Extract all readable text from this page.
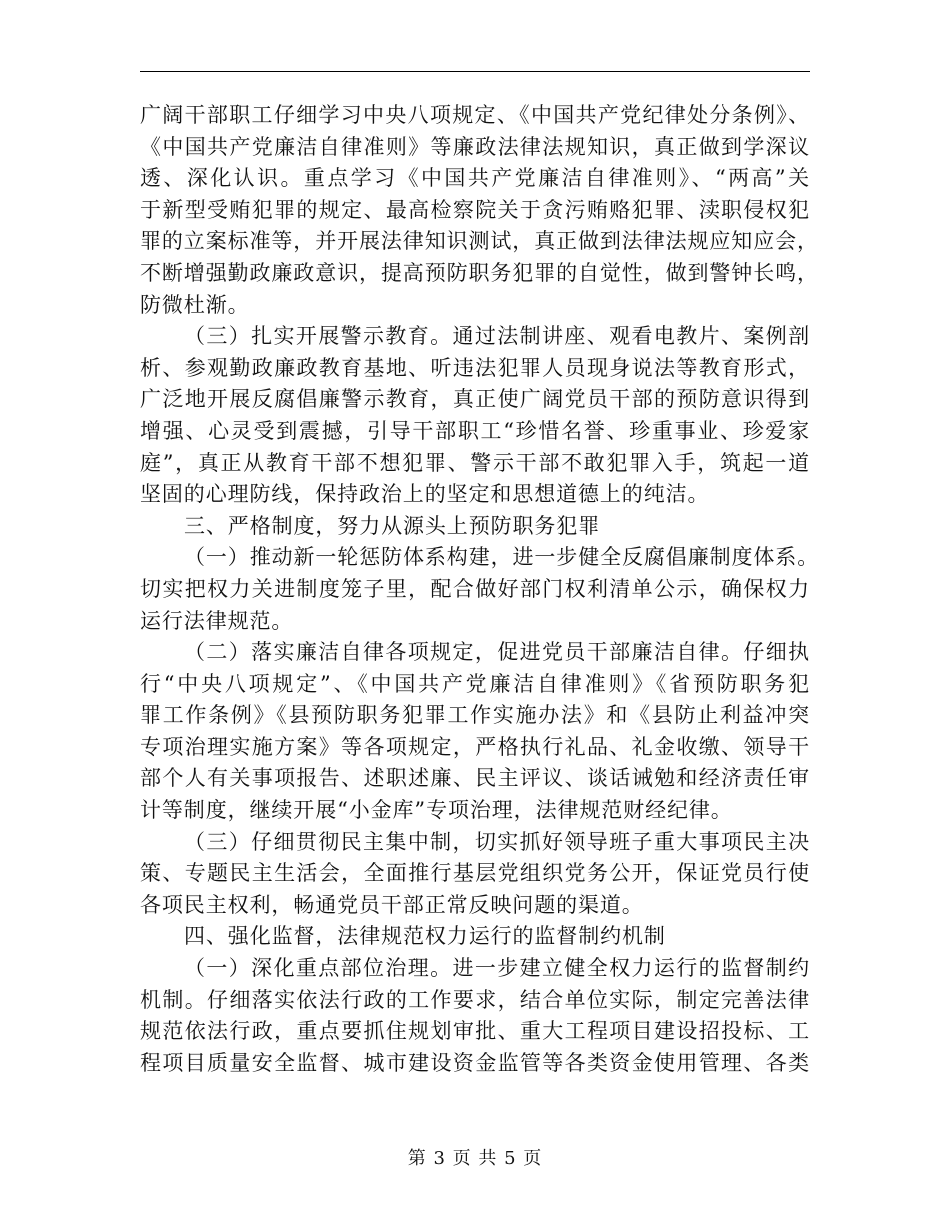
广阔干部职工仔细学习中央八项规定、《中国共产党纪律处分条例》、
《中国共产党廉洁自律准则》等廉政法律法规知识，真正做到学深议
透、深化认识。重点学习《中国共产党廉洁自律准则》、“两高”关
于新型受贿犯罪的规定、最高检察院关于贪污贿赂犯罪、渎职侵权犯
罪的立案标准等，并开展法律知识测试，真正做到法律法规应知应会，
不断增强勤政廉政意识，提高预防职务犯罪的自觉性，做到警钟长鸣，
防微杜渐。
（三）扎实开展警示教育。通过法制讲座、观看电教片、案例剖
析、参观勤政廉政教育基地、听违法犯罪人员现身说法等教育形式，
广泛地开展反腐倡廉警示教育，真正使广阔党员干部的预防意识得到
增强、心灵受到震撼，引导干部职工“珍惜名誉、珍重事业、珍爱家
庭”，真正从教育干部不想犯罪、警示干部不敢犯罪入手，筑起一道
坚固的心理防线，保持政治上的坚定和思想道德上的纯洁。
三、严格制度，努力从源头上预防职务犯罪
（一）推动新一轮惩防体系构建，进一步健全反腐倡廉制度体系。
切实把权力关进制度笼子里，配合做好部门权利清单公示，确保权力
运行法律规范。
（二）落实廉洁自律各项规定，促进党员干部廉洁自律。仔细执
行“中央八项规定”、《中国共产党廉洁自律准则》《省预防职务犯
罪工作条例》《县预防职务犯罪工作实施办法》和《县防止利益冲突
专项治理实施方案》等各项规定，严格执行礼品、礼金收缴、领导干
部个人有关事项报告、述职述廉、民主评议、谈话诫勉和经济责任审
计等制度，继续开展“小金库”专项治理，法律规范财经纪律。
（三）仔细贯彻民主集中制，切实抓好领导班子重大事项民主决
策、专题民主生活会，全面推行基层党组织党务公开，保证党员行使
各项民主权利，畅通党员干部正常反映问题的渠道。
四、强化监督，法律规范权力运行的监督制约机制
（一）深化重点部位治理。进一步建立健全权力运行的监督制约
机制。仔细落实依法行政的工作要求，结合单位实际，制定完善法律
规范依法行政，重点要抓住规划审批、重大工程项目建设招投标、工
程项目质量安全监督、城市建设资金监管等各类资金使用管理、各类
第 3 页 共 5 页
